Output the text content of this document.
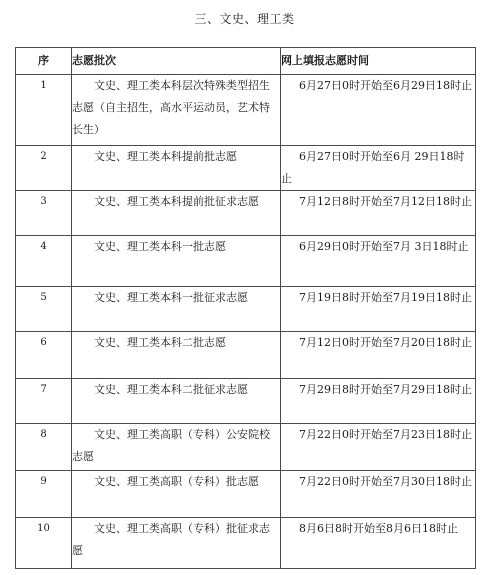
三、文史、理工类
序	志愿批次	网上填报志愿时间
1	文史、理工类本科层次特殊类型招生志愿（自主招生，高水平运动员，艺术特长生）	6月27日0时开始至6月29日18时止
2	文史、理工类本科提前批志愿	6月27日0时开始至6月 29日18时止
3	文史、理工类本科提前批征求志愿	7月12日8时开始至7月12日18时止
4	文史、理工类本科一批志愿	6月29日0时开始至7月 3日18时止
5	文史、理工类本科一批征求志愿	7月19日8时开始至7月19日18时止
6	文史、理工类本科二批志愿	7月12日0时开始至7月20日18时止
7	文史、理工类本科二批征求志愿	7月29日8时开始至7月29日18时止
8	文史、理工类高职（专科）公安院校志愿	7月22日0时开始至7月23日18时止
9	文史、理工类高职（专科）批志愿	7月22日0时开始至7月30日18时止
10	文史、理工类高职（专科）批征求志愿	8月6日8时开始至8月6日18时止
